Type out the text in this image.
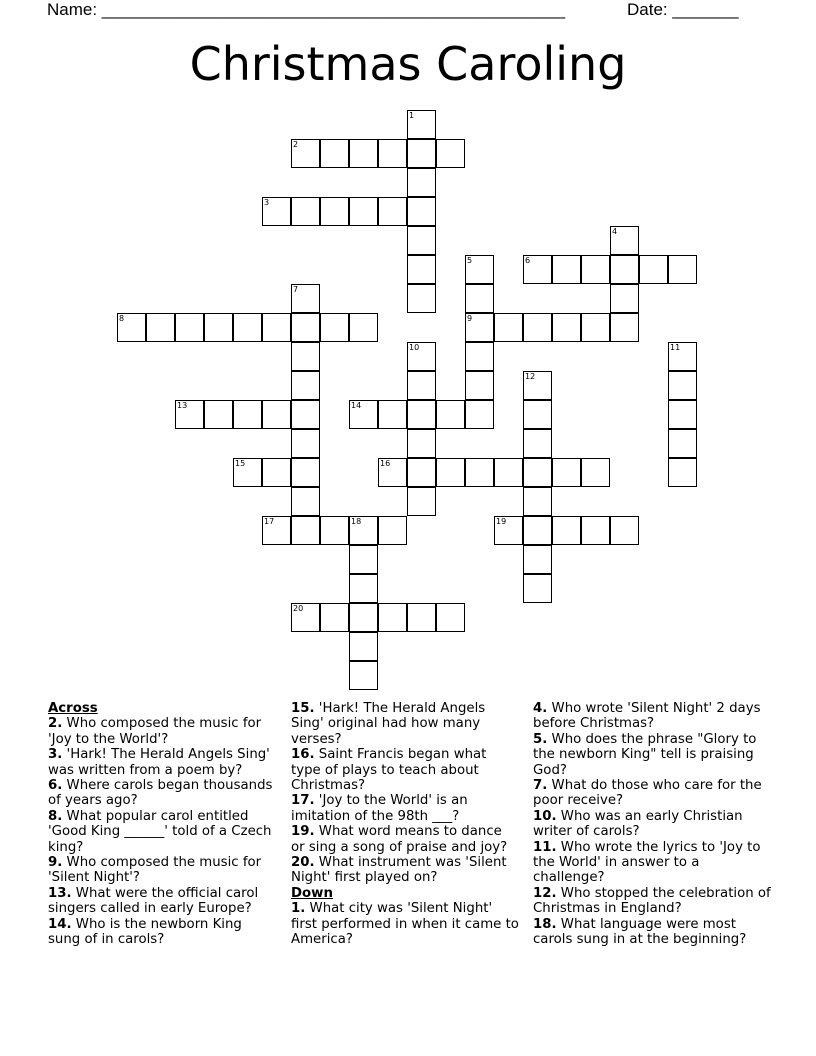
Name: _________________________________________________	Date: _______
Christmas Caroling
2
3
6
8	9
13	14
15	16
17	18	19
20
1
4
5
7
10	11
12
Across
2. Who composed the music for 'Joy to the World'?
3. 'Hark! The Herald Angels Sing' was written from a poem by?
6. Where carols began thousands of years ago?
8. What popular carol entitled 'Good King ______' told of a Czech king?
9. Who composed the music for 'Silent Night'?
13. What were the official carol singers called in early Europe?
14. Who is the newborn King sung of in carols?
15. 'Hark! The Herald Angels Sing' original had how many verses?
16. Saint Francis began what type of plays to teach about Christmas?
17. 'Joy to the World' is an imitation of the 98th ___?
19. What word means to dance or sing a song of praise and joy?
20. What instrument was 'Silent Night' first played on?
Down
1. What city was 'Silent Night' first performed in when it came to America?
4. Who wrote 'Silent Night' 2 days before Christmas?
5. Who does the phrase "Glory to the newborn King" tell is praising God?
7. What do those who care for the poor receive?
10. Who was an early Christian writer of carols?
11. Who wrote the lyrics to 'Joy to the World' in answer to a challenge?
12. Who stopped the celebration of Christmas in England?
18. What language were most carols sung in at the beginning?
